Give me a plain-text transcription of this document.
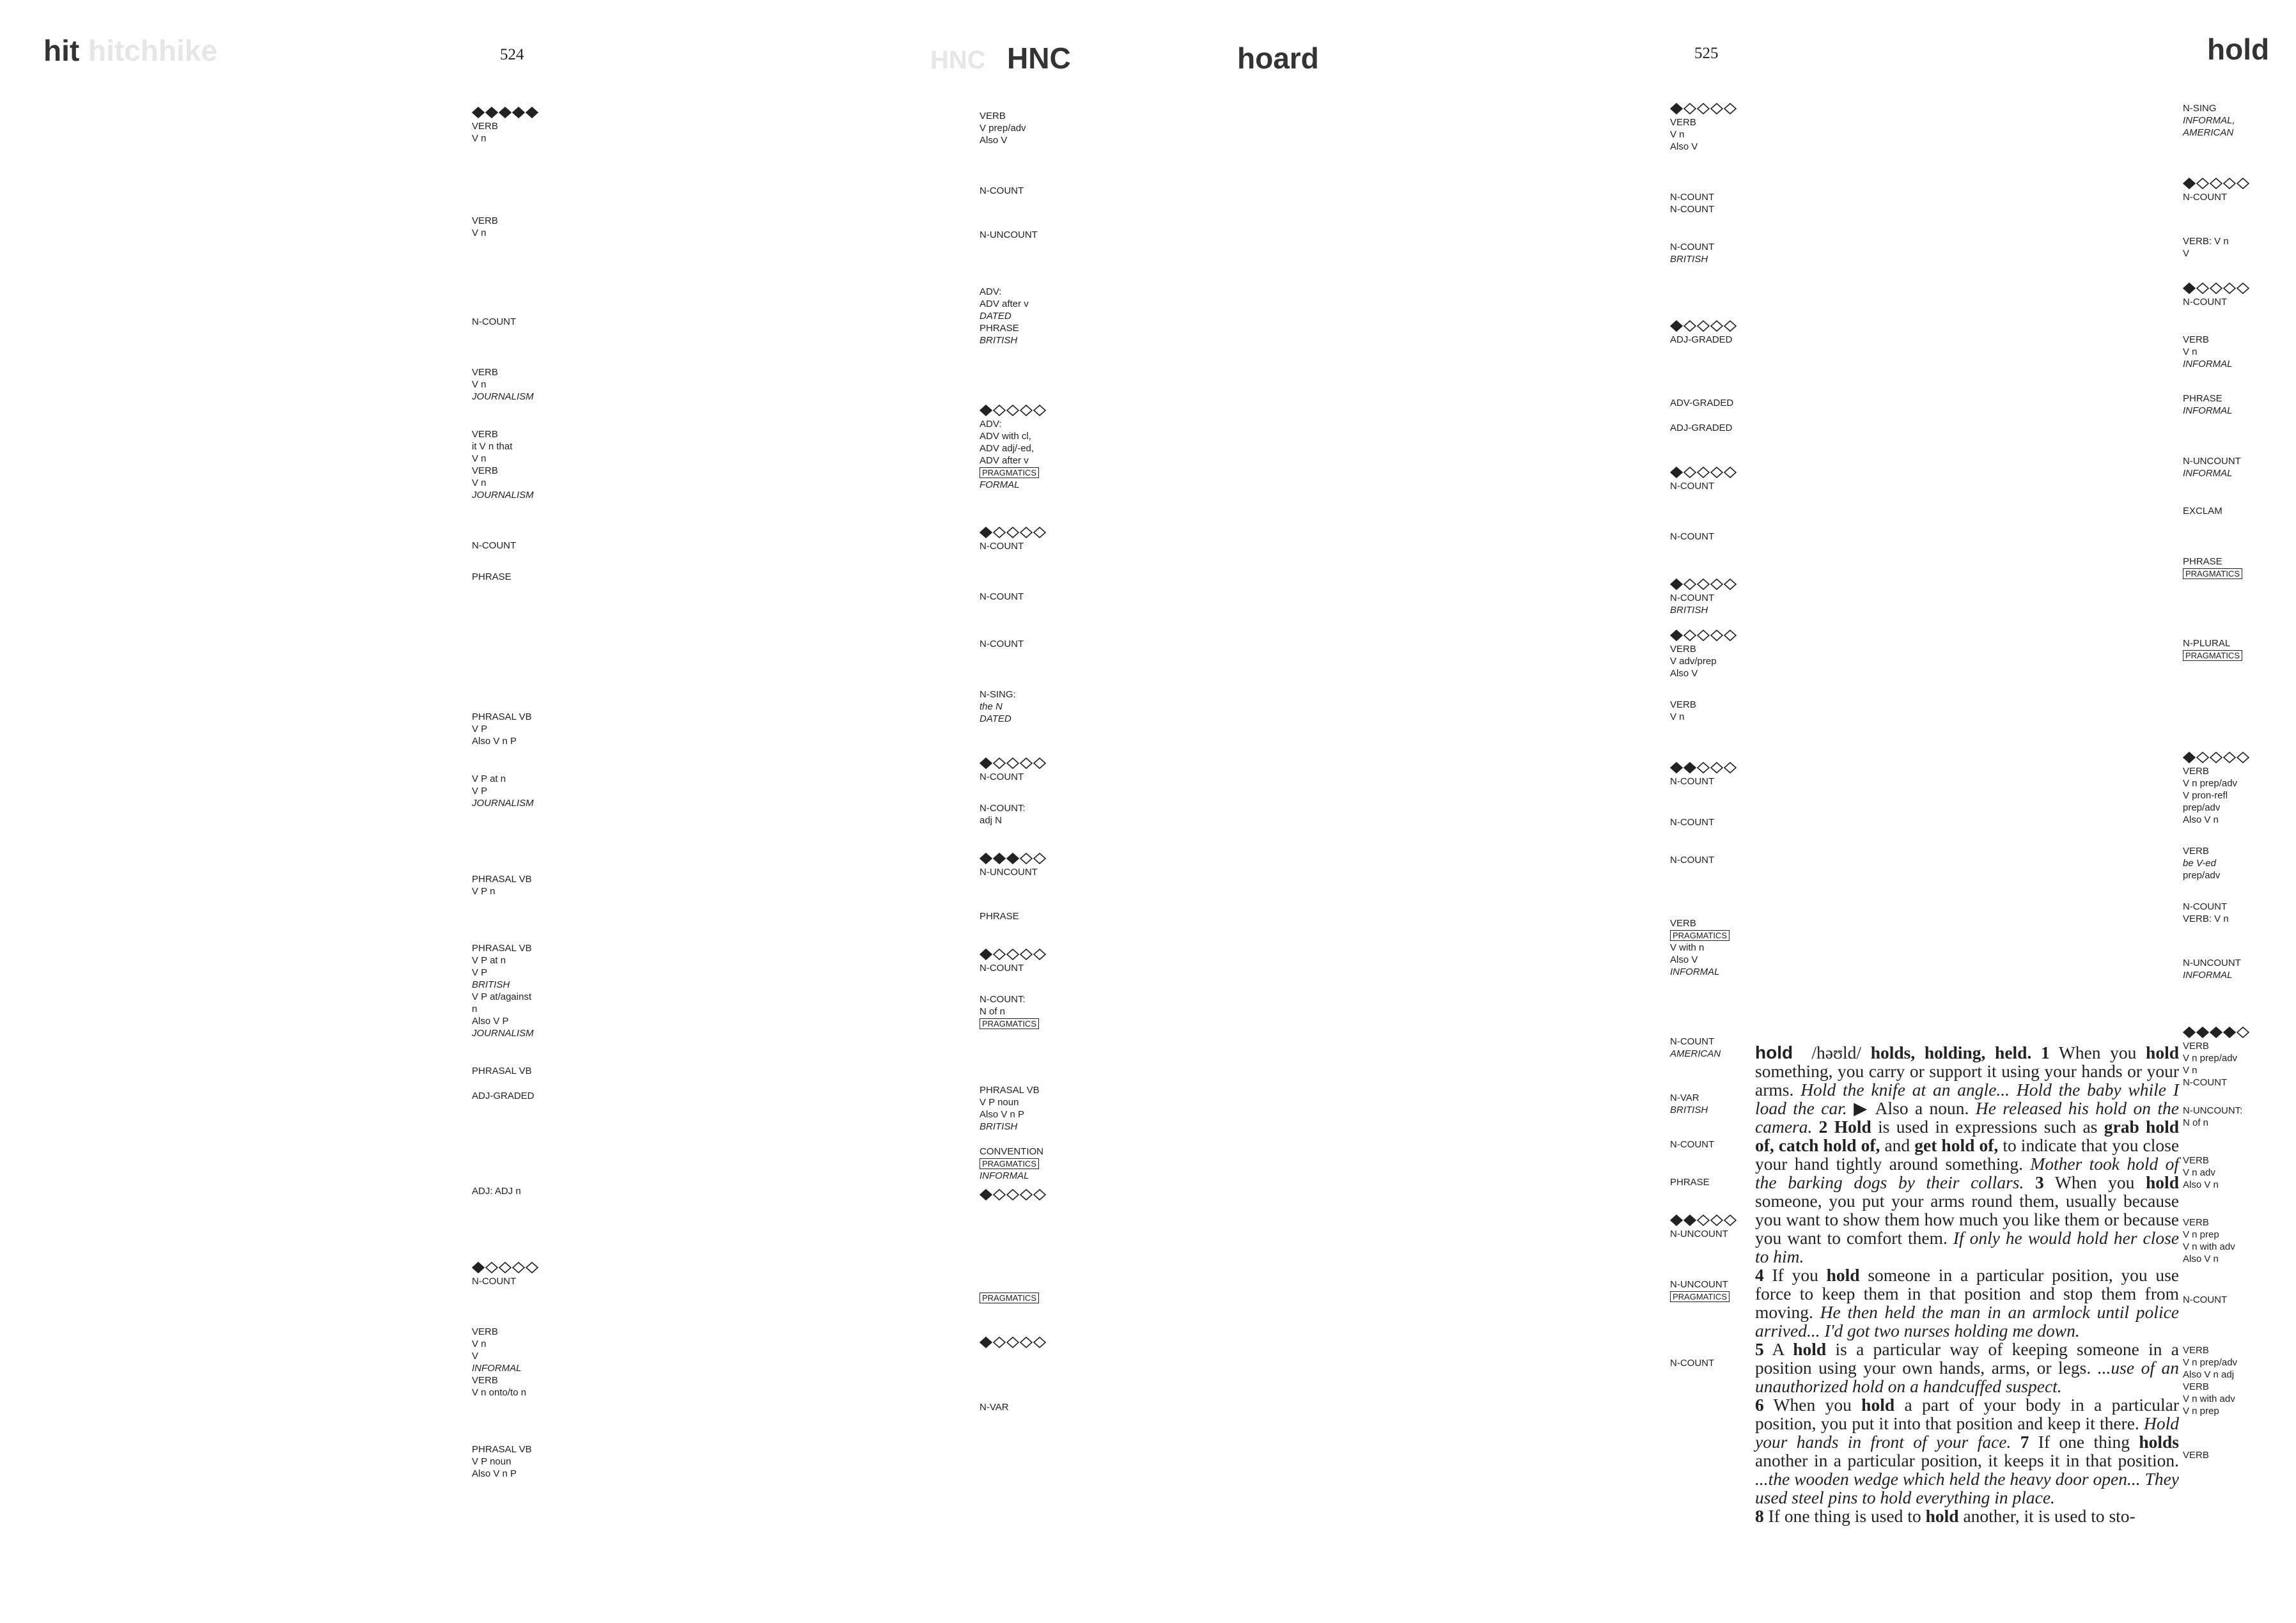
hit hitchhike	524	HNC HNC	hoard	525	hold
VERB
V n
VERB
V n
N-COUNT
VERB
V n
JOURNALISM
VERB
it V n that
V n
VERB
V n
JOURNALISM
N-COUNT
PHRASE
PHRASAL VB
V P
Also V n P
V P at n
V P
JOURNALISM
PHRASAL VB
V P n
PHRASAL VB
V P at n
V P
BRITISH
V P at/against
n
Also V P
JOURNALISM
PHRASAL VB
ADJ-GRADED
ADJ: ADJ n
N-COUNT
VERB
V n
V
INFORMAL
VERB
V n onto/to n
PHRASAL VB
V P noun
Also V n P
VERB
V prep/adv
Also V
N-COUNT
N-UNCOUNT
ADV:
ADV after v
DATED
PHRASE
BRITISH
ADV:
ADV with cl,
ADV adj/-ed,
ADV after v
PRAGMATICS
FORMAL
N-COUNT
N-COUNT
N-COUNT
N-SING:
the N
DATED
N-COUNT
N-COUNT:
adj N
N-UNCOUNT
PHRASE
N-COUNT
N-COUNT:
N of n
PRAGMATICS
PHRASAL VB
V P noun
Also V n P
BRITISH
CONVENTION
PRAGMATICS
INFORMAL
PRAGMATICS
N-VAR
VERB
V n
Also V
N-COUNT
N-COUNT
N-COUNT
BRITISH
ADJ-GRADED
ADV-GRADED
ADJ-GRADED
N-COUNT
N-COUNT
N-COUNT
BRITISH
VERB
V adv/prep
Also V
VERB
V n
N-COUNT
N-COUNT
N-COUNT
VERB
PRAGMATICS
V with n
Also V
INFORMAL
N-COUNT
AMERICAN
N-VAR
BRITISH
N-COUNT
PHRASE
N-UNCOUNT
N-UNCOUNT
PRAGMATICS
N-COUNT
N-SING
INFORMAL,
AMERICAN
N-COUNT
VERB: V n
V
N-COUNT
VERB
V n
INFORMAL
PHRASE
INFORMAL
N-UNCOUNT
INFORMAL
EXCLAM
PHRASE
PRAGMATICS
N-PLURAL
PRAGMATICS
VERB
V n prep/adv
V pron-refl
prep/adv
Also V n
VERB
be V-ed
prep/adv
N-COUNT
VERB: V n
N-UNCOUNT
INFORMAL
VERB
V n prep/adv
V n
N-COUNT
N-UNCOUNT:
N of n
VERB
V n adv
Also V n
VERB
V n prep
V n with adv
Also V n
N-COUNT
VERB
V n prep/adv
Also V n adj
VERB
V n with adv
V n prep
VERB

hold /həʊld/ holds, holding, held. 1 When you hold something, you carry or support it using your hands or your arms. Hold the knife at an angle... Hold the baby while I load the car. ▶ Also a noun. He released his hold on the camera. 2 Hold is used in expressions such as grab hold of, catch hold of, and get hold of, to indicate that you close your hand tightly around something. Mother took hold of the barking dogs by their collars. 3 When you hold someone, you put your arms round them, usually because you want to show them how much you like them or because you want to comfort them. If only he would hold her close to him.

4 If you hold someone in a particular position, you use force to keep them in that position and stop them from moving. He then held the man in an armlock until police arrived... I'd got two nurses holding me down.

5 A hold is a particular way of keeping someone in a position using your own hands, arms, or legs. ...use of an unauthorized hold on a handcuffed suspect.

6 When you hold a part of your body in a particular position, you put it into that position and keep it there. Hold your hands in front of your face. 7 If one thing holds another in a particular position, it keeps it in that position. ...the wooden wedge which held the heavy door open... They used steel pins to hold everything in place.

8 If one thing is used to hold another, it is used to sto-
